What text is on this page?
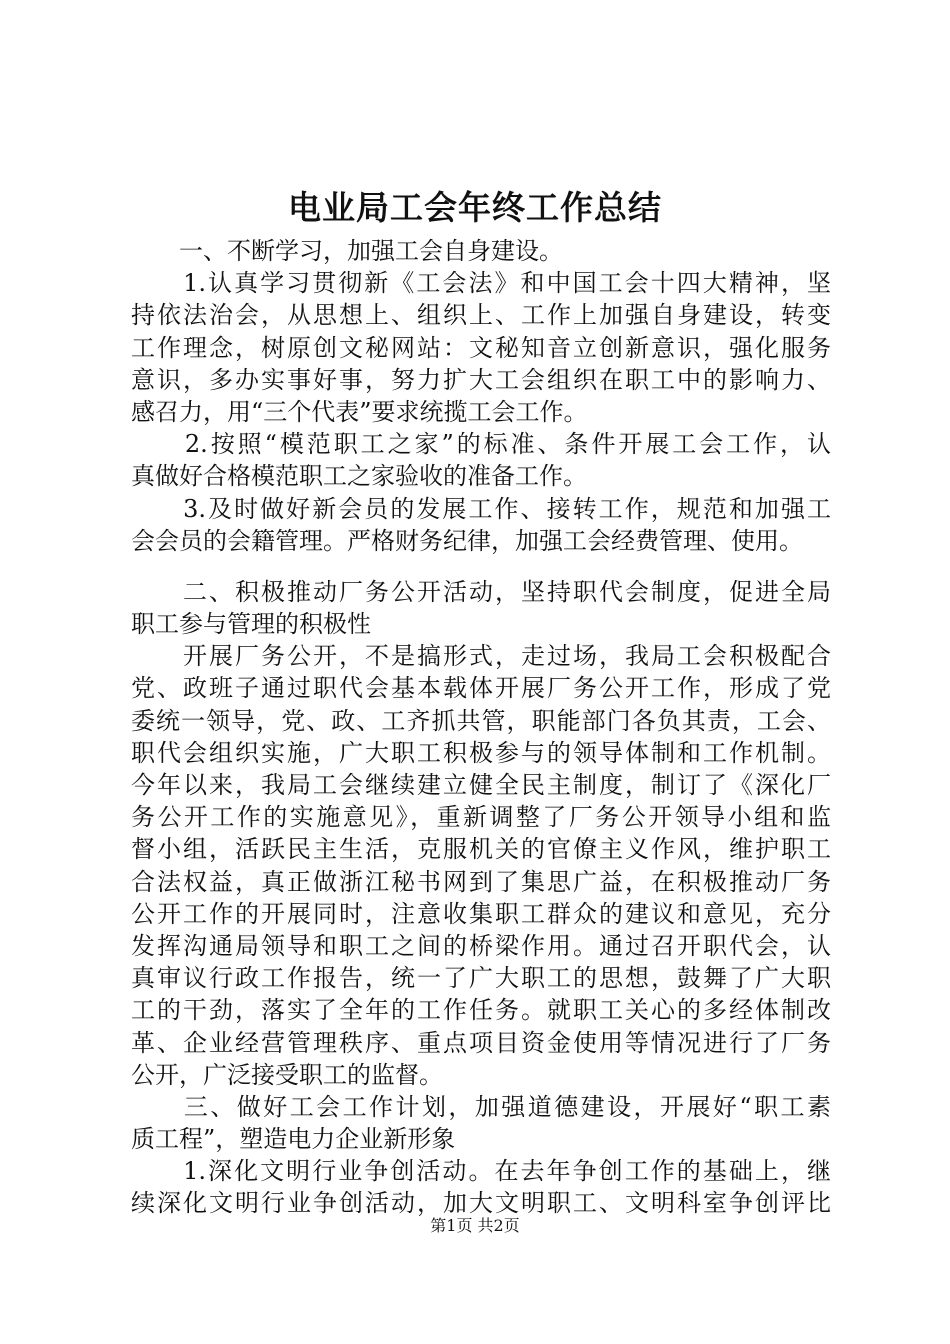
电业局工会年终工作总结
　　一、不断学习，加强工会自身建设。
　　1.认真学习贯彻新《工会法》和中国工会十四大精神，坚
持依法治会，从思想上、组织上、工作上加强自身建设，转变
工作理念，树原创文秘网站：文秘知音立创新意识，强化服务
意识，多办实事好事，努力扩大工会组织在职工中的影响力、
感召力，用“三个代表”要求统揽工会工作。
　　2.按照“模范职工之家”的标准、条件开展工会工作，认
真做好合格模范职工之家验收的准备工作。
　　3.及时做好新会员的发展工作、接转工作，规范和加强工
会会员的会籍管理。严格财务纪律，加强工会经费管理、使用。
　　二、积极推动厂务公开活动，坚持职代会制度，促进全局
职工参与管理的积极性
　　开展厂务公开，不是搞形式，走过场，我局工会积极配合
党、政班子通过职代会基本载体开展厂务公开工作，形成了党
委统一领导，党、政、工齐抓共管，职能部门各负其责，工会、
职代会组织实施，广大职工积极参与的领导体制和工作机制。
今年以来，我局工会继续建立健全民主制度，制订了《深化厂
务公开工作的实施意见》，重新调整了厂务公开领导小组和监
督小组，活跃民主生活，克服机关的官僚主义作风，维护职工
合法权益，真正做浙江秘书网到了集思广益，在积极推动厂务
公开工作的开展同时，注意收集职工群众的建议和意见，充分
发挥沟通局领导和职工之间的桥梁作用。通过召开职代会，认
真审议行政工作报告，统一了广大职工的思想，鼓舞了广大职
工的干劲，落实了全年的工作任务。就职工关心的多经体制改
革、企业经营管理秩序、重点项目资金使用等情况进行了厂务
公开，广泛接受职工的监督。
　　三、做好工会工作计划，加强道德建设，开展好“职工素
质工程”，塑造电力企业新形象
　　1.深化文明行业争创活动。在去年争创工作的基础上，继
续深化文明行业争创活动，加大文明职工、文明科室争创评比
第1页 共2页
